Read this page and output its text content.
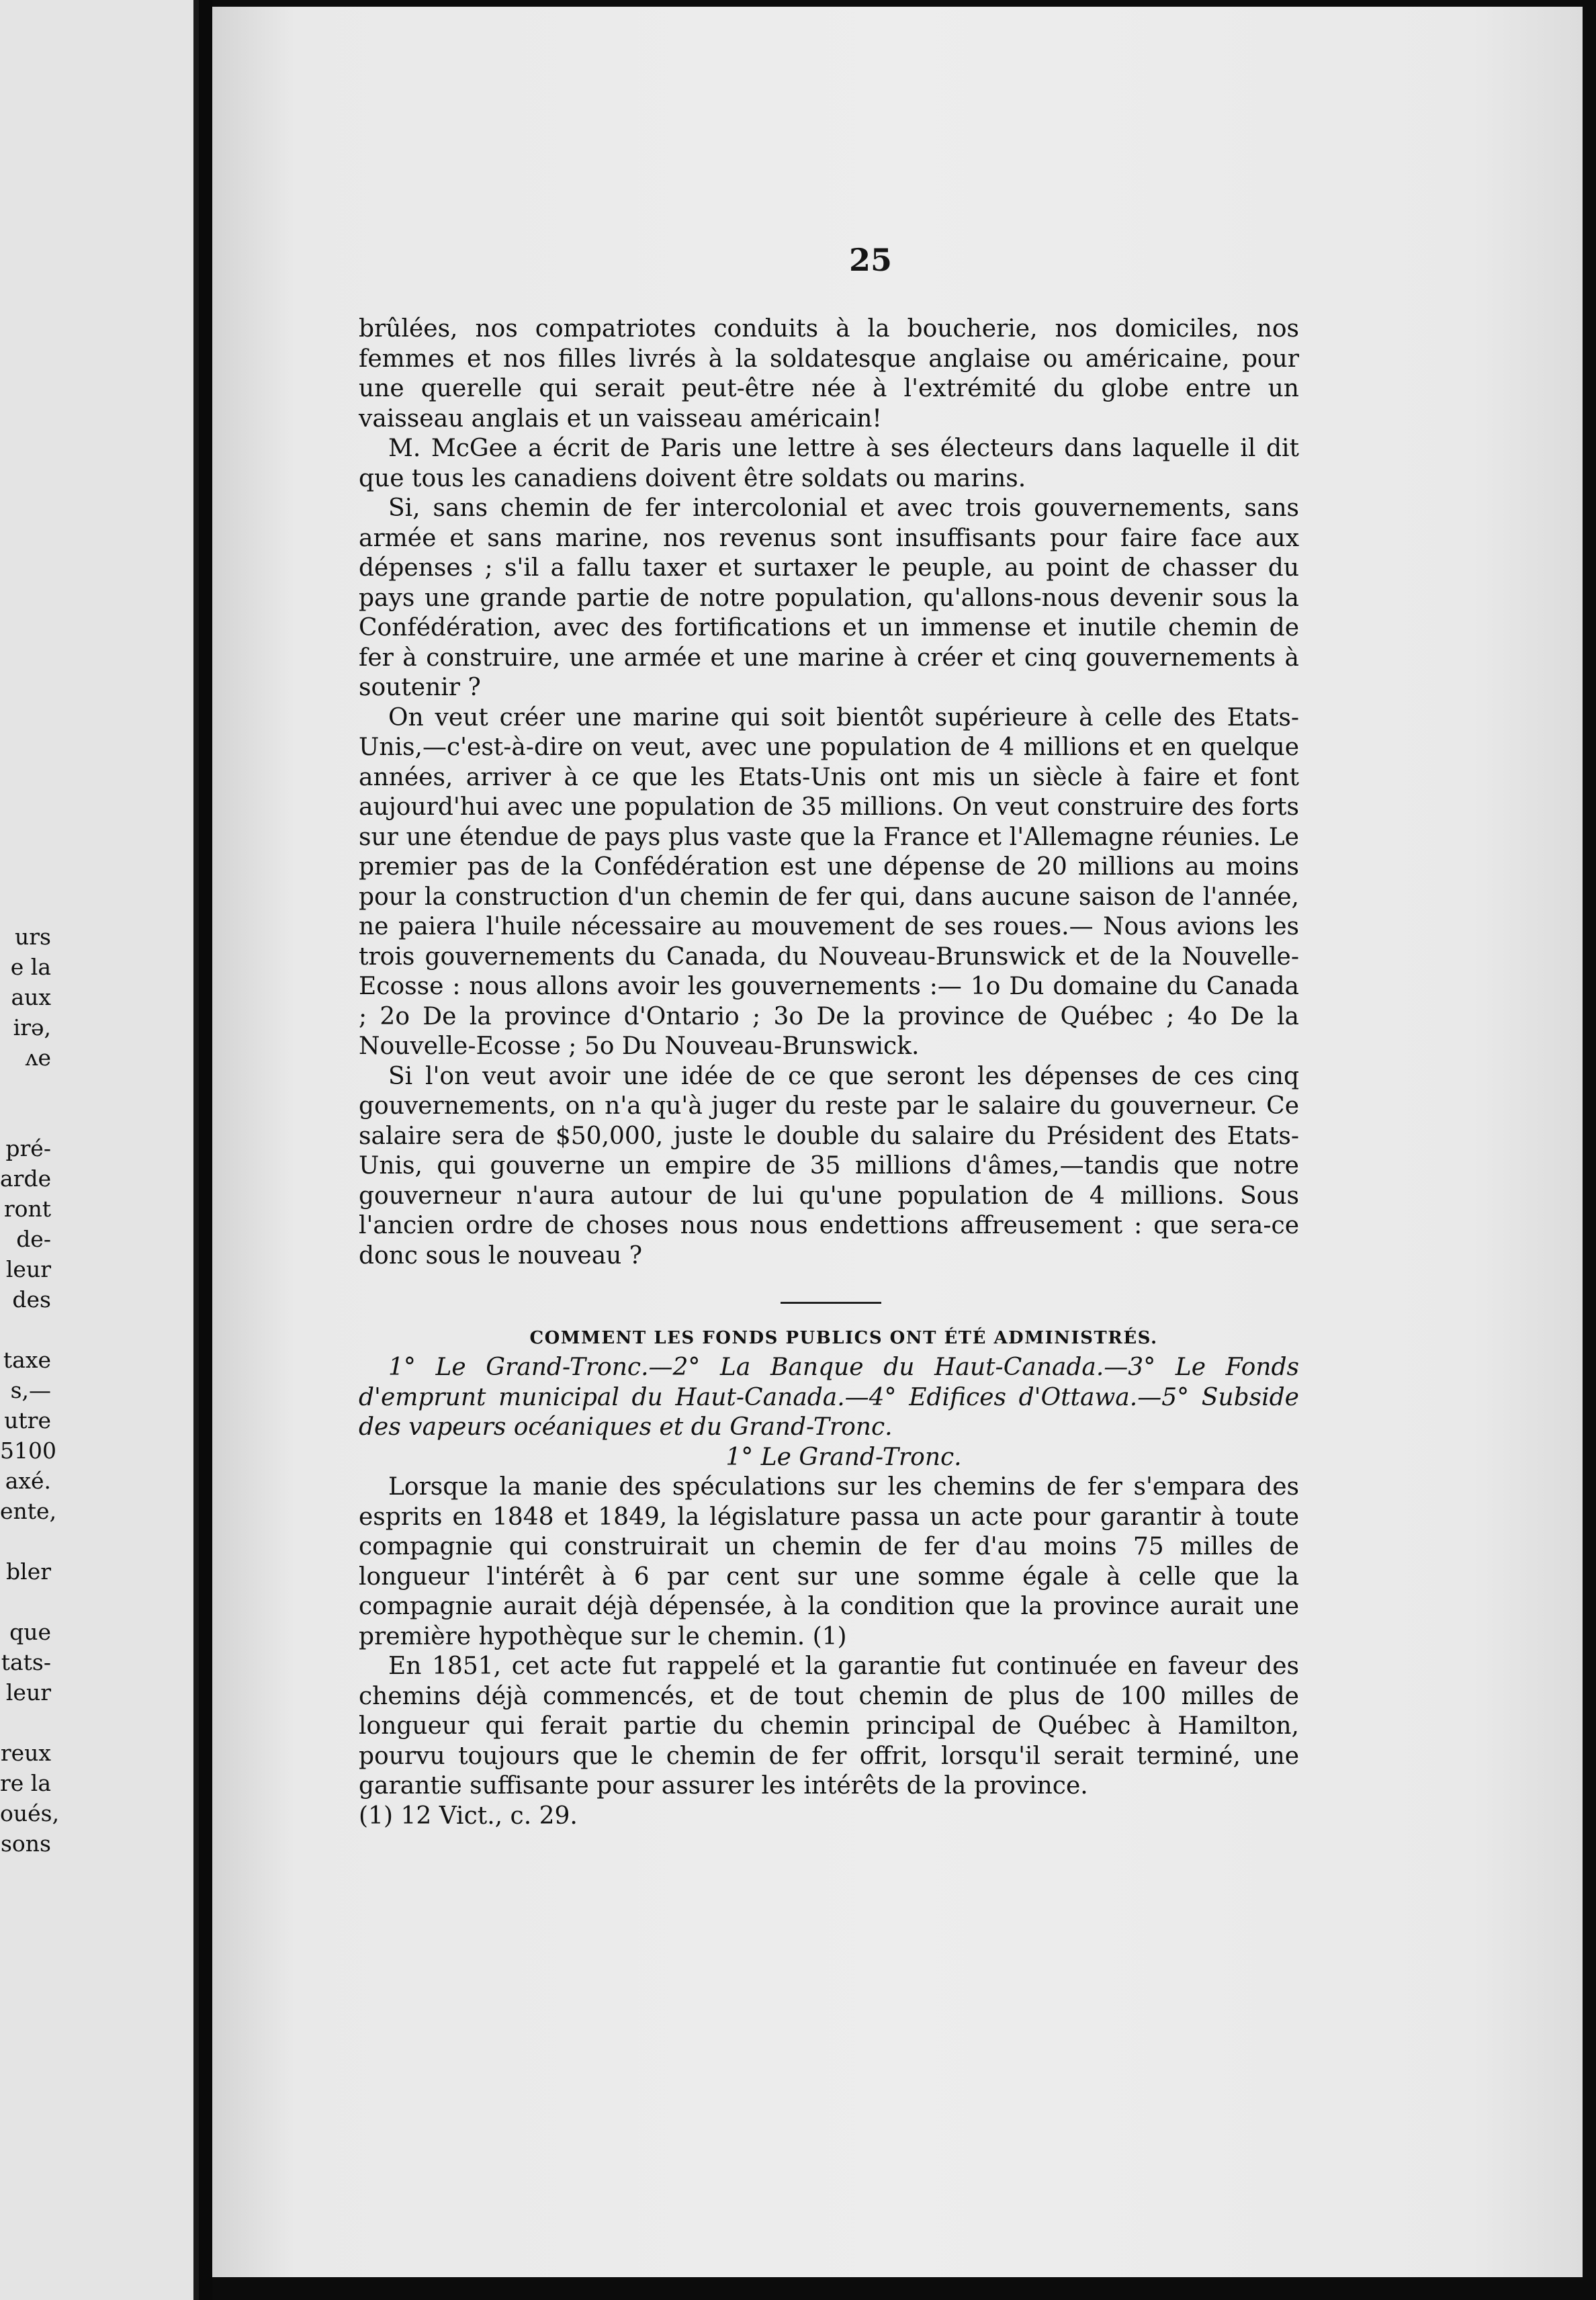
urs
e la
aux
irə,
ʌe
pré-
arde
ront
de-
leur
des
taxe
s,—
utre
​5100
axé.
ente,
bler
que
tats-
leur
reux
re la
oués,
sons
25

brûlées, nos compatriotes conduits à la boucherie, nos domiciles, nos femmes et nos filles livrés à la soldatesque anglaise ou américaine, pour une querelle qui serait peut-être née à l'extrémité du globe entre un vaisseau anglais et un vaisseau américain!

M. McGee a écrit de Paris une lettre à ses électeurs dans laquelle il dit que tous les canadiens doivent être soldats ou marins.

Si, sans chemin de fer intercolonial et avec trois gouvernements, sans armée et sans marine, nos revenus sont insuffisants pour faire face aux dépenses ; s'il a fallu taxer et surtaxer le peuple, au point de chasser du pays une grande partie de notre population, qu'allons-nous devenir sous la Confédération, avec des fortifications et un immense et inutile chemin de fer à construire, une armée et une marine à créer et cinq gouvernements à soutenir ?

On veut créer une marine qui soit bientôt supérieure à celle des Etats-Unis,—c'est-à-dire on veut, avec une population de 4 millions et en quelque années, arriver à ce que les Etats-Unis ont mis un siècle à faire et font aujourd'hui avec une population de 35 millions. On veut construire des forts sur une étendue de pays plus vaste que la France et l'Allemagne réunies. Le premier pas de la Confédération est une dépense de 20 millions au moins pour la construction d'un chemin de fer qui, dans aucune saison de l'année, ne paiera l'huile nécessaire au mouvement de ses roues.— Nous avions les trois gouvernements du Canada, du Nouveau-Brunswick et de la Nouvelle-Ecosse : nous allons avoir les gouvernements :— 1o Du domaine du Canada ; 2o De la province d'Ontario ; 3o De la province de Québec ; 4o De la Nouvelle-Ecosse ; 5o Du Nouveau-Brunswick.

Si l'on veut avoir une idée de ce que seront les dépenses de ces cinq gouvernements, on n'a qu'à juger du reste par le salaire du gouverneur. Ce salaire sera de $50,000, juste le double du salaire du Président des Etats-Unis, qui gouverne un empire de 35 millions d'âmes,—tandis que notre gouverneur n'aura autour de lui qu'une population de 4 millions. Sous l'ancien ordre de choses nous nous endettions affreusement : que sera-ce donc sous le nouveau ?

COMMENT LES FONDS PUBLICS ONT ÉTÉ ADMINISTRÉS.

1° Le Grand-Tronc.—2° La Banque du Haut-Canada.—3° Le Fonds d'emprunt municipal du Haut-Canada.—4° Edifices d'Ottawa.—5° Subside des vapeurs océaniques et du Grand-Tronc.

1° Le Grand-Tronc.

Lorsque la manie des spéculations sur les chemins de fer s'empara des esprits en 1848 et 1849, la législature passa un acte pour garantir à toute compagnie qui construirait un chemin de fer d'au moins 75 milles de longueur l'intérêt à 6 par cent sur une somme égale à celle que la compagnie aurait déjà dépensée, à la condition que la province aurait une première hypothèque sur le chemin. (1)

En 1851, cet acte fut rappelé et la garantie fut continuée en faveur des chemins déjà commencés, et de tout chemin de plus de 100 milles de longueur qui ferait partie du chemin principal de Québec à Hamilton, pourvu toujours que le chemin de fer offrit, lorsqu'il serait terminé, une garantie suffisante pour assurer les intérêts de la province.

(1) 12 Vict., c. 29.
